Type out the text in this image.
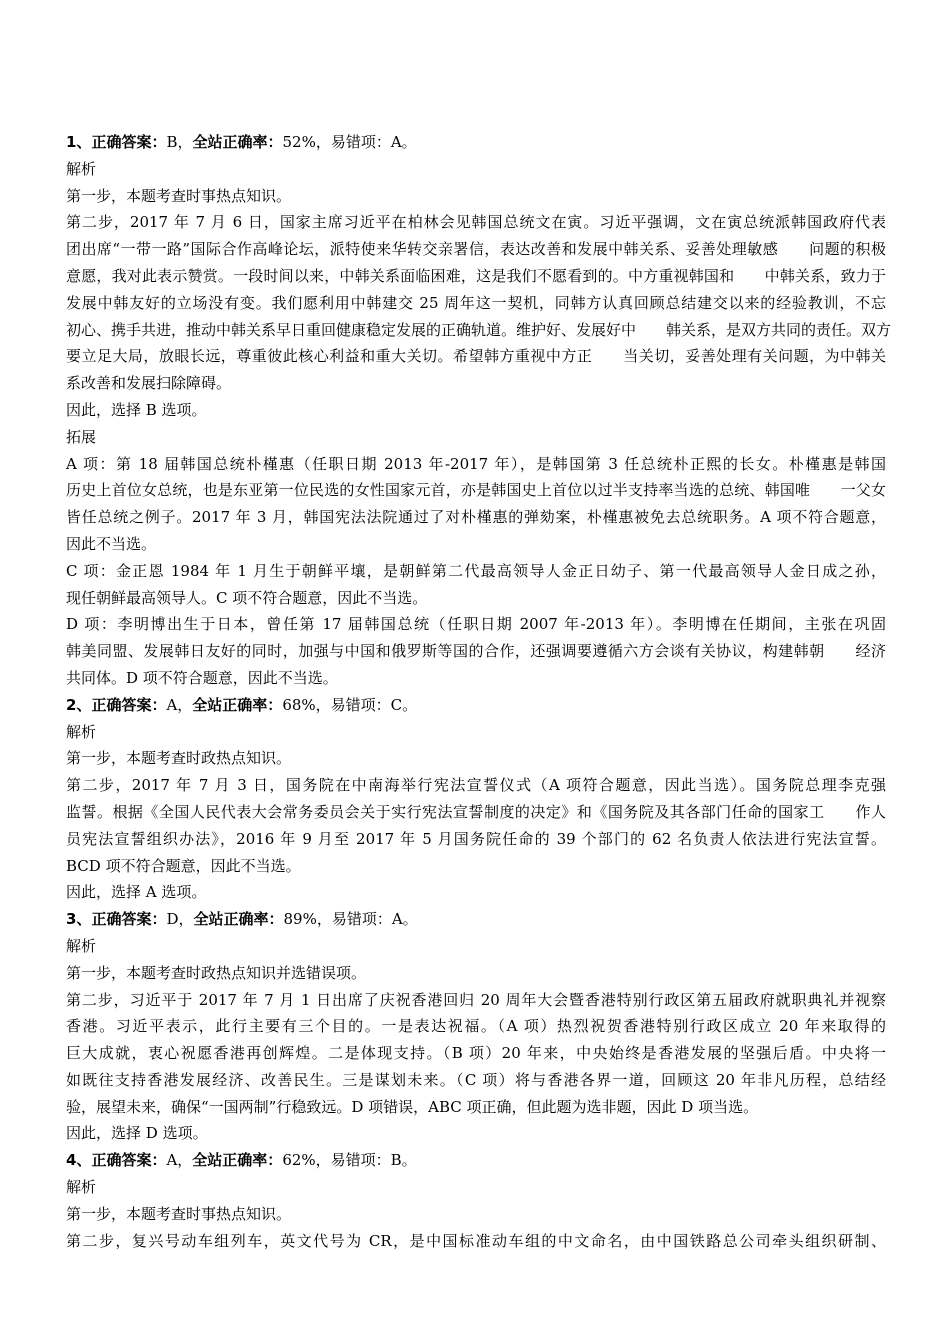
1、正确答案：B，全站正确率：52%，易错项：A。
解析
第一步，本题考查时事热点知识。
第二步，2017 年 7 月 6 日，国家主席习近平在柏林会见韩国总统文在寅。习近平强调，文在寅总统派韩国政府代表
团出席“一带一路”国际合作高峰论坛，派特使来华转交亲署信，表达改善和发展中韩关系、妥善处理敏感　　问题的积极
意愿，我对此表示赞赏。一段时间以来，中韩关系面临困难，这是我们不愿看到的。中方重视韩国和　　中韩关系，致力于
发展中韩友好的立场没有变。我们愿利用中韩建交 25 周年这一契机，同韩方认真回顾总结建交以来的经验教训，不忘
初心、携手共进，推动中韩关系早日重回健康稳定发展的正确轨道。维护好、发展好中　　韩关系，是双方共同的责任。双方
要立足大局，放眼长远，尊重彼此核心利益和重大关切。希望韩方重视中方正　　当关切，妥善处理有关问题，为中韩关
系改善和发展扫除障碍。
因此，选择 B 选项。
拓展
A 项：第 18 届韩国总统朴槿惠（任职日期 2013 年-2017 年），是韩国第 3 任总统朴正熙的长女。朴槿惠是韩国
历史上首位女总统，也是东亚第一位民选的女性国家元首，亦是韩国史上首位以过半支持率当选的总统、韩国唯　　一父女
皆任总统之例子。2017 年 3 月，韩国宪法法院通过了对朴槿惠的弹劾案，朴槿惠被免去总统职务。A 项不符合题意，
因此不当选。
C 项：金正恩 1984 年 1 月生于朝鲜平壤，是朝鲜第二代最高领导人金正日幼子、第一代最高领导人金日成之孙，
现任朝鲜最高领导人。C 项不符合题意，因此不当选。
D 项：李明博出生于日本，曾任第 17 届韩国总统（任职日期 2007 年-2013 年）。李明博在任期间，主张在巩固
韩美同盟、发展韩日友好的同时，加强与中国和俄罗斯等国的合作，还强调要遵循六方会谈有关协议，构建韩朝　　经济
共同体。D 项不符合题意，因此不当选。
2、正确答案：A，全站正确率：68%，易错项：C。
解析
第一步，本题考查时政热点知识。
第二步，2017 年 7 月 3 日，国务院在中南海举行宪法宣誓仪式（A 项符合题意，因此当选）。国务院总理李克强
监誓。根据《全国人民代表大会常务委员会关于实行宪法宣誓制度的决定》和《国务院及其各部门任命的国家工　　作人
员宪法宣誓组织办法》，2016 年 9 月至 2017 年 5 月国务院任命的 39 个部门的 62 名负责人依法进行宪法宣誓。
BCD 项不符合题意，因此不当选。
因此，选择 A 选项。
3、正确答案：D，全站正确率：89%，易错项：A。
解析
第一步，本题考查时政热点知识并选错误项。
第二步，习近平于 2017 年 7 月 1 日出席了庆祝香港回归 20 周年大会暨香港特别行政区第五届政府就职典礼并视察
香港。习近平表示，此行主要有三个目的。一是表达祝福。（A 项）热烈祝贺香港特别行政区成立 20 年来取得的
巨大成就，衷心祝愿香港再创辉煌。二是体现支持。（B 项）20 年来，中央始终是香港发展的坚强后盾。中央将一
如既往支持香港发展经济、改善民生。三是谋划未来。（C 项）将与香港各界一道，回顾这 20 年非凡历程，总结经
验，展望未来，确保“一国两制”行稳致远。D 项错误，ABC 项正确，但此题为选非题，因此 D 项当选。
因此，选择 D 选项。
4、正确答案：A，全站正确率：62%，易错项：B。
解析
第一步，本题考查时事热点知识。
第二步，复兴号动车组列车，英文代号为 CR，是中国标准动车组的中文命名，由中国铁路总公司牵头组织研制、
